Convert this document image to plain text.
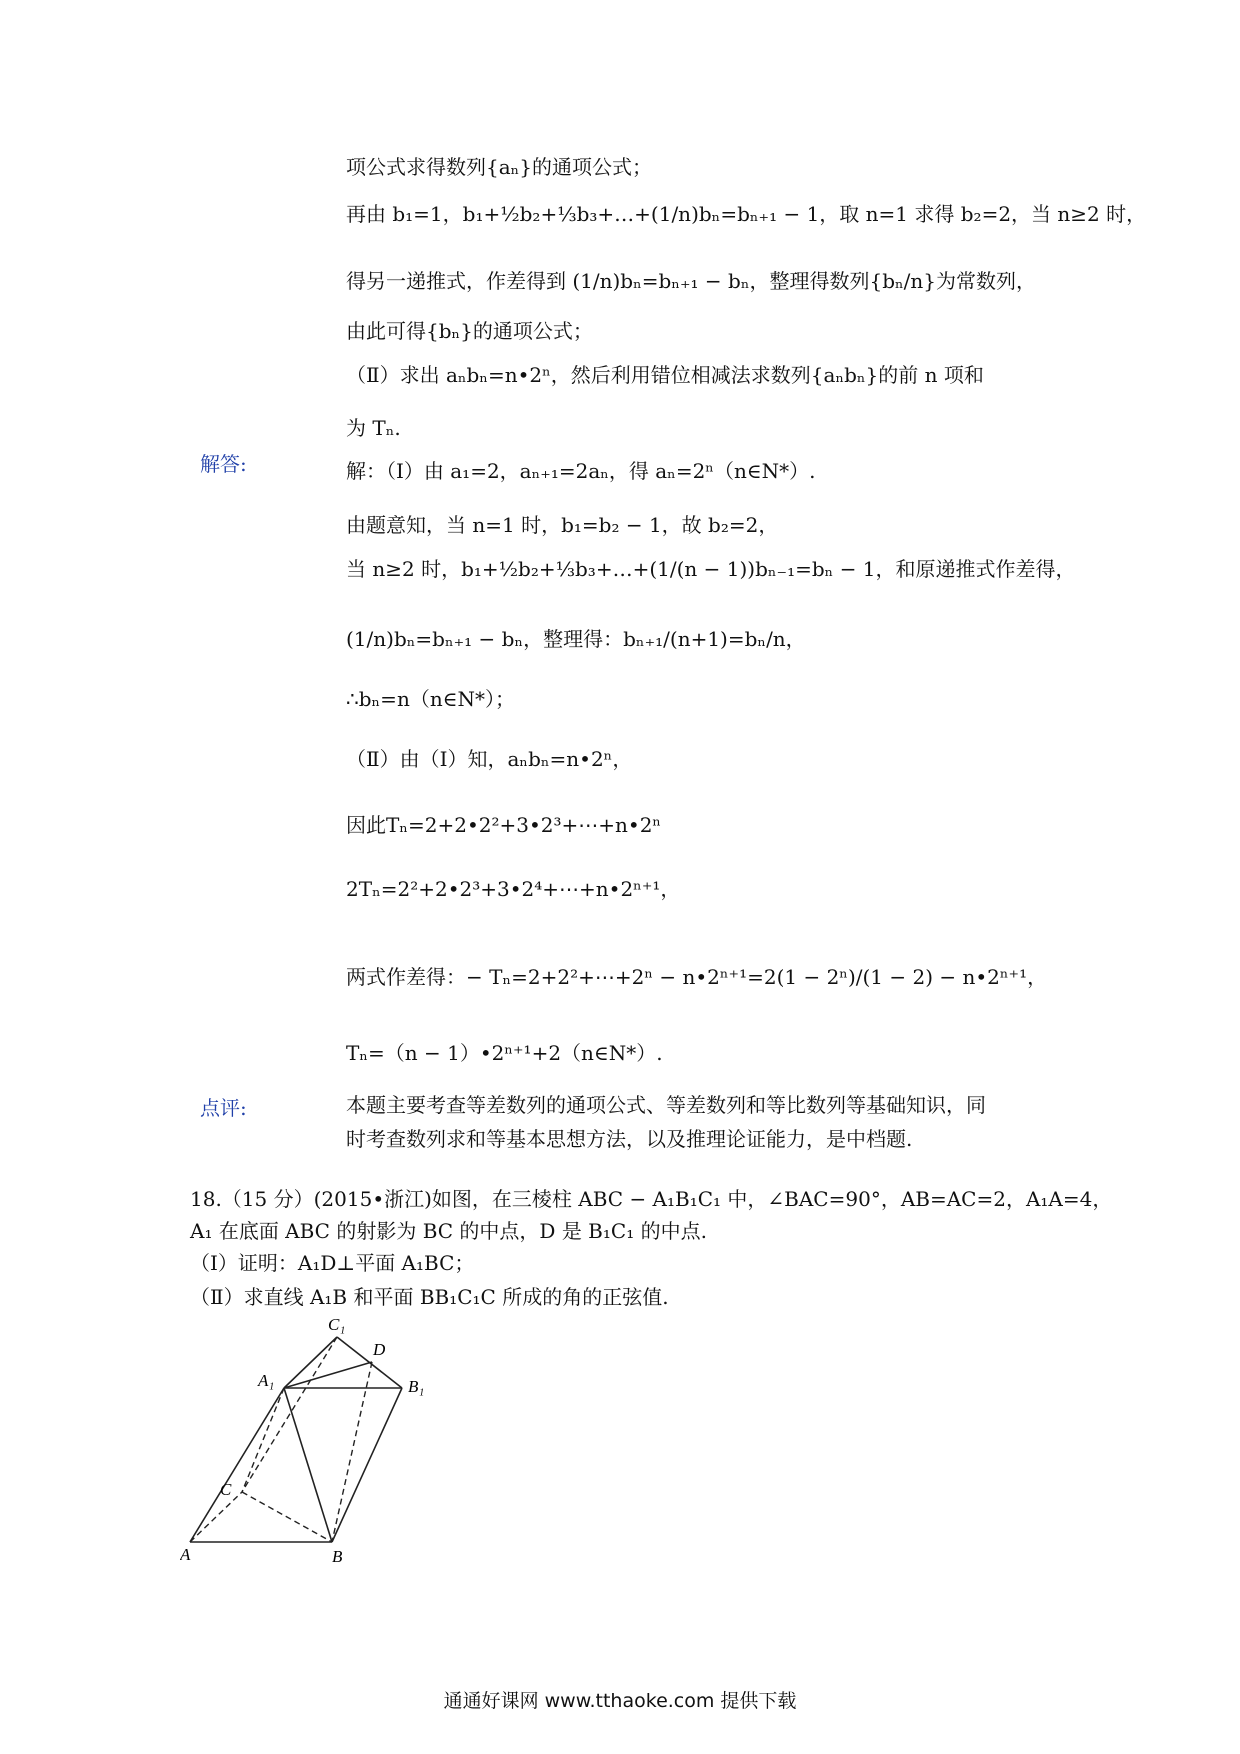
项公式求得数列{aₙ}的通项公式；
再由 b₁=1，b₁+½b₂+⅓b₃+…+(1/n)bₙ=bₙ₊₁ − 1，取 n=1 求得 b₂=2，当 n≥2 时，
得另一递推式，作差得到 (1/n)bₙ=bₙ₊₁ − bₙ，整理得数列{bₙ/n}为常数列，
由此可得{bₙ}的通项公式；
（Ⅱ）求出 aₙbₙ=n•2ⁿ，然后利用错位相减法求数列{aₙbₙ}的前 n 项和
为 Tₙ.
解答:	解：（Ⅰ）由 a₁=2，aₙ₊₁=2aₙ，得 aₙ=2ⁿ（n∈N*）.
由题意知，当 n=1 时，b₁=b₂ − 1，故 b₂=2，
当 n≥2 时，b₁+½b₂+⅓b₃+…+(1/(n − 1))bₙ₋₁=bₙ − 1，和原递推式作差得，
(1/n)bₙ=bₙ₊₁ − bₙ，整理得：bₙ₊₁/(n+1)=bₙ/n，
∴bₙ=n（n∈N*）；
（Ⅱ）由（Ⅰ）知，aₙbₙ=n•2ⁿ，
因此Tₙ=2+2•2²+3•2³+⋯+n•2ⁿ
2Tₙ=2²+2•2³+3•2⁴+⋯+n•2ⁿ⁺¹，
两式作差得：− Tₙ=2+2²+⋯+2ⁿ − n•2ⁿ⁺¹=2(1 − 2ⁿ)/(1 − 2) − n•2ⁿ⁺¹，
Tₙ=（n − 1）•2ⁿ⁺¹+2（n∈N*）.
点评:	本题主要考查等差数列的通项公式、等差数列和等比数列等基础知识，同
时考查数列求和等基本思想方法，以及推理论证能力，是中档题.
18.（15 分）(2015•浙江)如图，在三棱柱 ABC − A₁B₁C₁ 中，∠BAC=90°，AB=AC=2，A₁A=4，
A₁ 在底面 ABC 的射影为 BC 的中点，D 是 B₁C₁ 的中点.
（Ⅰ）证明：A₁D⊥平面 A₁BC；
（Ⅱ）求直线 A₁B 和平面 BB₁C₁C 所成的角的正弦值.
C₁
D
A₁	B₁
C
A	B
通通好课网 www.tthaoke.com 提供下载
